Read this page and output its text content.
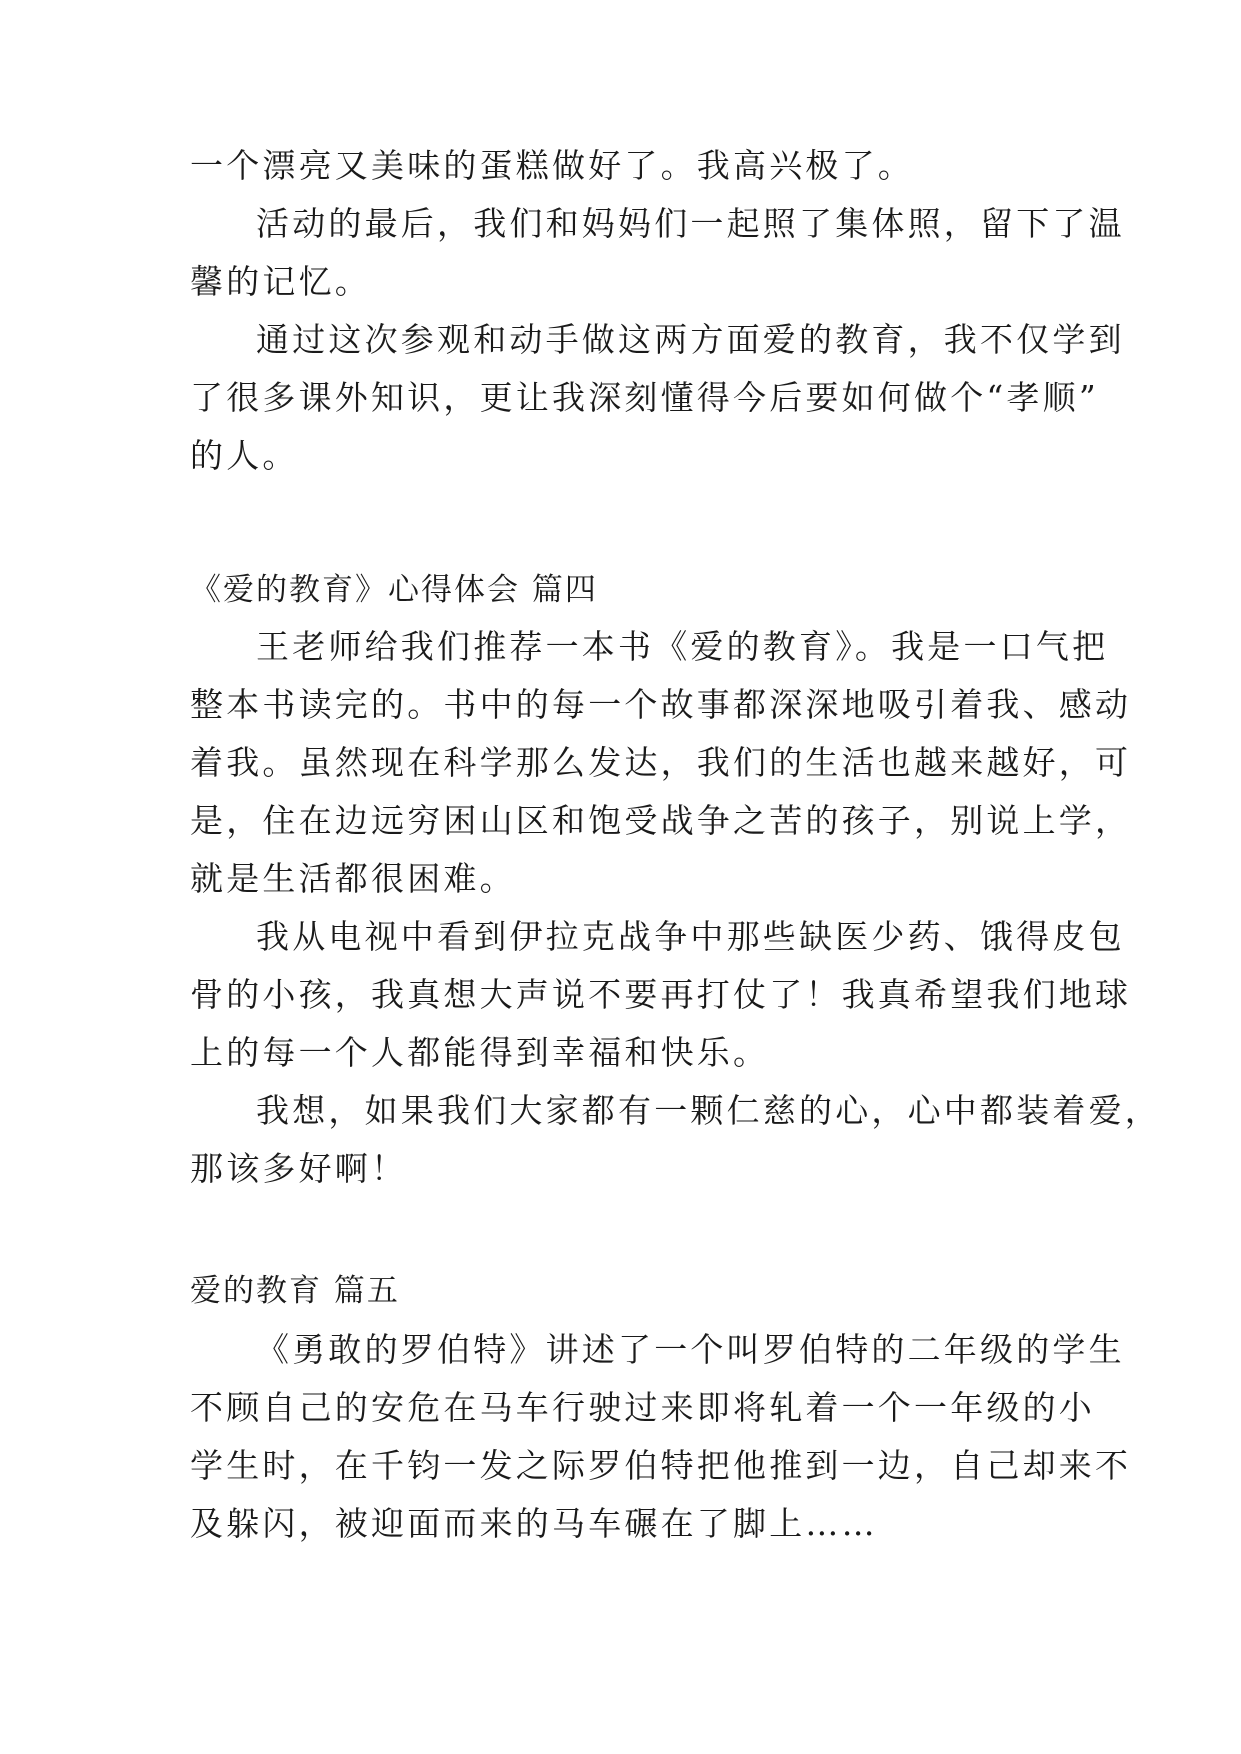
一个漂亮又美味的蛋糕做好了。我高兴极了。
活动的最后，我们和妈妈们一起照了集体照，留下了温
馨的记忆。
通过这次参观和动手做这两方面爱的教育，我不仅学到
了很多课外知识，更让我深刻懂得今后要如何做个“孝顺”
的人。
《爱的教育》心得体会 篇四
王老师给我们推荐一本书《爱的教育》。我是一口气把
整本书读完的。书中的每一个故事都深深地吸引着我、感动
着我。虽然现在科学那么发达，我们的生活也越来越好，可
是，住在边远穷困山区和饱受战争之苦的孩子，别说上学，
就是生活都很困难。
我从电视中看到伊拉克战争中那些缺医少药、饿得皮包
骨的小孩，我真想大声说不要再打仗了！我真希望我们地球
上的每一个人都能得到幸福和快乐。
我想，如果我们大家都有一颗仁慈的心，心中都装着爱，
那该多好啊！
爱的教育 篇五
《勇敢的罗伯特》讲述了一个叫罗伯特的二年级的学生
不顾自己的安危在马车行驶过来即将轧着一个一年级的小
学生时，在千钧一发之际罗伯特把他推到一边，自己却来不
及躲闪，被迎面而来的马车碾在了脚上……
